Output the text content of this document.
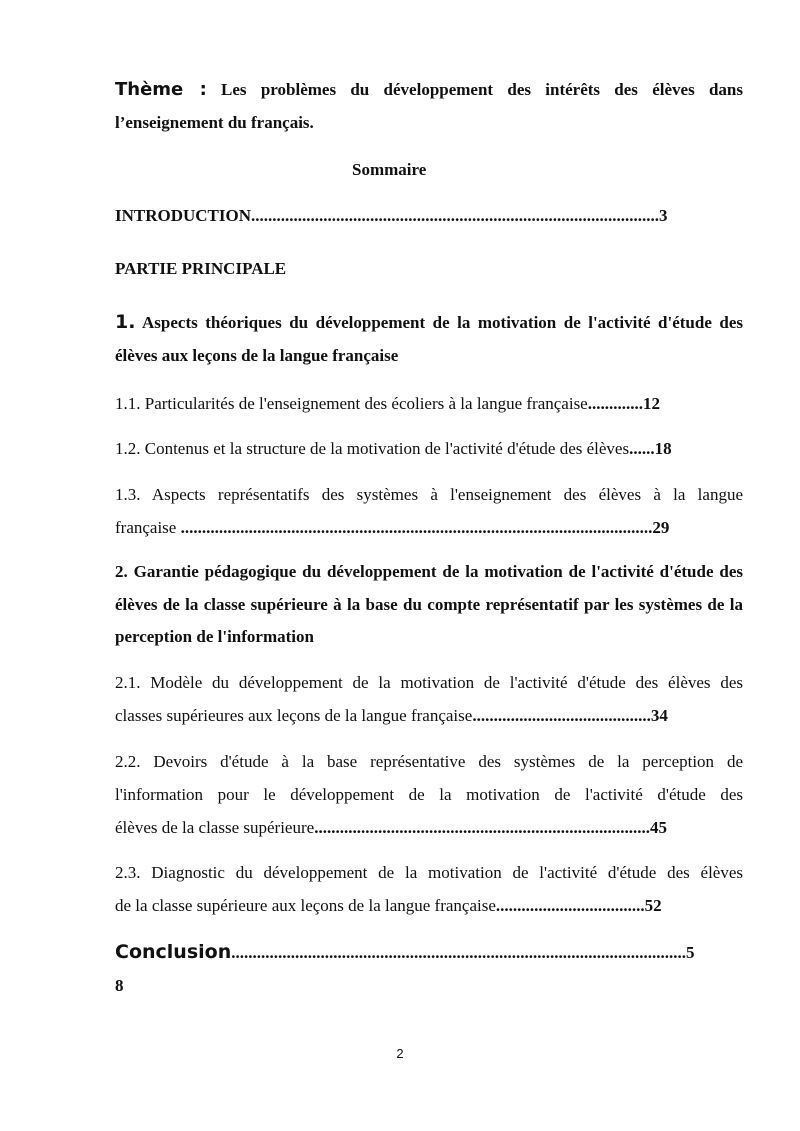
Thème : Les problèmes du développement des intérêts des élèves dans
l’enseignement du français.
Sommaire
INTRODUCTION................................................................................................3
PARTIE PRINCIPALE
1. Aspects théoriques du développement de la motivation de l'activité d'étude des élèves aux leçons de la langue française
1.1. Particularités de l'enseignement des écoliers à la langue française.............12
1.2. Contenus et la structure de la motivation de l'activité d'étude des élèves......18
1.3. Aspects représentatifs des systèmes à l'enseignement des élèves à la langue
française ...............................................................................................................29
2. Garantie pédagogique du développement de la motivation de l'activité d'étude des élèves de la classe supérieure à la base du compte représentatif par les systèmes de la perception de l'information
2.1. Modèle du développement de la motivation de l'activité d'étude des élèves des
classes supérieures aux leçons de la langue française..........................................34
2.2. Devoirs d'étude à la base représentative des systèmes de la perception de
l'information pour le développement de la motivation de l'activité d'étude des
élèves de la classe supérieure...............................................................................45
2.3. Diagnostic du développement de la motivation de l'activité d'étude des élèves
de la classe supérieure aux leçons de la langue française...................................52
Conclusion...........................................................................................................5
8
2
